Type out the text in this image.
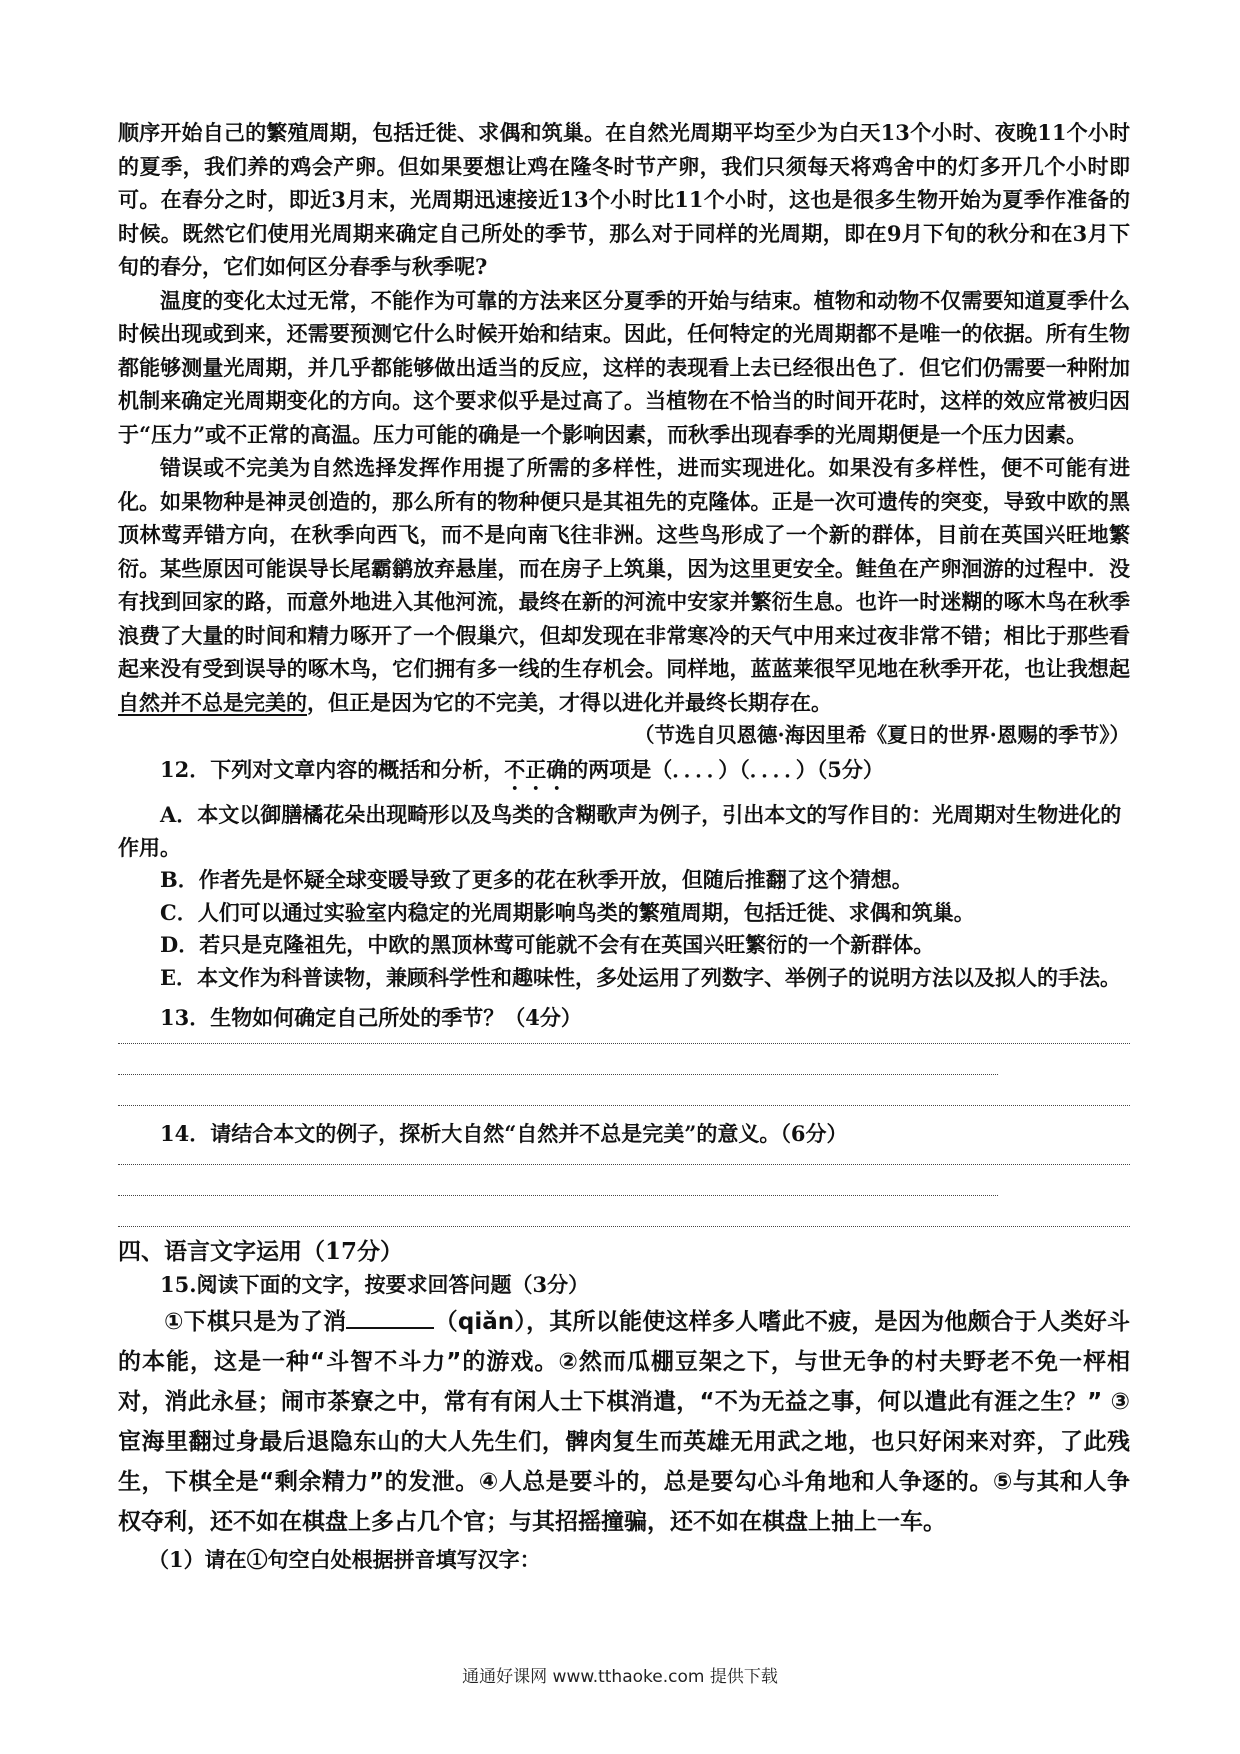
顺序开始自己的繁殖周期，包括迁徙、求偶和筑巢。在自然光周期平均至少为白天13个小时、夜晚11个小时的夏季，我们养的鸡会产卵。但如果要想让鸡在隆冬时节产卵，我们只须每天将鸡舍中的灯多开几个小时即可。在春分之时，即近3月末，光周期迅速接近13个小时比11个小时，这也是很多生物开始为夏季作准备的时候。既然它们使用光周期来确定自己所处的季节，那么对于同样的光周期，即在9月下旬的秋分和在3月下旬的春分，它们如何区分春季与秋季呢?

温度的变化太过无常，不能作为可靠的方法来区分夏季的开始与结束。植物和动物不仅需要知道夏季什么时候出现或到来，还需要预测它什么时候开始和结束。因此，任何特定的光周期都不是唯一的依据。所有生物都能够测量光周期，并几乎都能够做出适当的反应，这样的表现看上去已经很出色了．但它们仍需要一种附加机制来确定光周期变化的方向。这个要求似乎是过高了。当植物在不恰当的时间开花时，这样的效应常被归因于“压力”或不正常的高温。压力可能的确是一个影响因素，而秋季出现春季的光周期便是一个压力因素。

错误或不完美为自然选择发挥作用提了所需的多样性，进而实现进化。如果没有多样性，便不可能有进化。如果物种是神灵创造的，那么所有的物种便只是其祖先的克隆体。正是一次可遗传的突变，导致中欧的黑顶林莺弄错方向，在秋季向西飞，而不是向南飞往非洲。这些鸟形成了一个新的群体，目前在英国兴旺地繁衍。某些原因可能误导长尾霸鹟放弃悬崖，而在房子上筑巢，因为这里更安全。鲑鱼在产卵洄游的过程中．没有找到回家的路，而意外地进入其他河流，最终在新的河流中安家并繁衍生息。也许一时迷糊的啄木鸟在秋季浪费了大量的时间和精力啄开了一个假巢穴，但却发现在非常寒冷的天气中用来过夜非常不错；相比于那些看起来没有受到误导的啄木鸟，它们拥有多一线的生存机会。同样地，蓝蓝莱很罕见地在秋季开花，也让我想起自然并不总是完美的，但正是因为它的不完美，才得以进化并最终长期存在。

（节选自贝恩德·海因里希《夏日的世界·恩赐的季节》）

12．下列对文章内容的概括和分析，不正确的两项是（．．．．）（．．．．）（5分）

A．本文以御膳橘花朵出现畸形以及鸟类的含糊歌声为例子，引出本文的写作目的：光周期对生物进化的作用。

B．作者先是怀疑全球变暖导致了更多的花在秋季开放，但随后推翻了这个猜想。

C．人们可以通过实验室内稳定的光周期影响鸟类的繁殖周期，包括迁徙、求偶和筑巢。

D．若只是克隆祖先，中欧的黑顶林莺可能就不会有在英国兴旺繁衍的一个新群体。

E．本文作为科普读物，兼顾科学性和趣味性，多处运用了列数字、举例子的说明方法以及拟人的手法。

13．生物如何确定自己所处的季节？（4分）

14．请结合本文的例子，探析大自然“自然并不总是完美”的意义。（6分）

四、语言文字运用（17分）

15.阅读下面的文字，按要求回答问题（3分）

①下棋只是为了消	（qiǎn），其所以能使这样多人嗜此不疲，是因为他颇合于人类好斗的本能，这是一种“斗智不斗力”的游戏。②然而瓜棚豆架之下，与世无争的村夫野老不免一枰相对，消此永昼；闹市茶寮之中，常有有闲人士下棋消遣，“不为无益之事，何以遣此有涯之生？” ③宦海里翻过身最后退隐东山的大人先生们，髀肉复生而英雄无用武之地，也只好闲来对弈，了此残生，下棋全是“剩余精力”的发泄。④人总是要斗的，总是要勾心斗角地和人争逐的。⑤与其和人争权夺利，还不如在棋盘上多占几个官；与其招摇撞骗，还不如在棋盘上抽上一车。

（1）请在①句空白处根据拼音填写汉字：

通通好课网 www.tthaoke.com 提供下载
